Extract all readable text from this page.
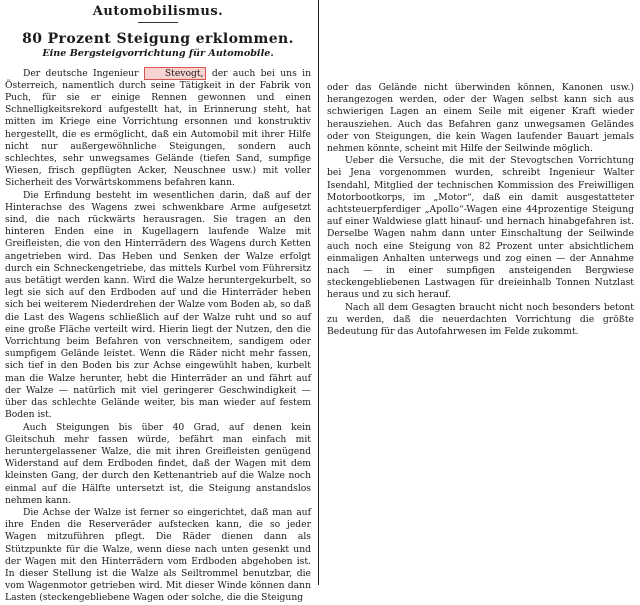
Automobilismus.
80 Prozent Steigung erklommen.
Eine Bergsteigvorrichtung für Automobile.

Der deutsche Ingenieur	Stevogt, der auch bei uns in Österreich, namentlich durch seine Tätigkeit in der Fabrik von Puch, für sie er einige Rennen gewonnen und einen Schnelligkeitsrekord aufgestellt hat, in Erinnerung steht, hat mitten im Kriege eine Vorrichtung ersonnen und konstruktiv hergestellt, die es ermöglicht, daß ein Automobil mit ihrer Hilfe nicht nur außergewöhnliche Steigungen, sondern auch schlechtes, sehr unwegsames Gelände (tiefen Sand, sumpfige Wiesen, frisch gepflügten Acker, Neuschnee usw.) mit voller Sicherheit des Vorwärtskommens befahren kann.

Die Erfindung besteht im wesentlichen darin, daß auf der Hinterachse des Wagens zwei schwenkbare Arme aufgesetzt sind, die nach rückwärts herausragen. Sie tragen an den hinteren Enden eine in Kugellagern laufende Walze mit Greifleisten, die von den Hinterrädern des Wagens durch Ketten angetrieben wird. Das Heben und Senken der Walze erfolgt durch ein Schneckengetriebe, das mittels Kurbel vom Führersitz aus betätigt werden kann. Wird die Walze heruntergekurbelt, so legt sie sich auf den Erdboden auf und die Hinterräder heben sich bei weiterem Niederdrehen der Walze vom Boden ab, so daß die Last des Wagens schließlich auf der Walze ruht und so auf eine große Fläche verteilt wird. Hierin liegt der Nutzen, den die Vorrichtung beim Befahren von verschneitem, sandigem oder sumpfigem Gelände leistet. Wenn die Räder nicht mehr fassen, sich tief in den Boden bis zur Achse eingewühlt haben, kurbelt man die Walze herunter, hebt die Hinterräder an und fährt auf der Walze — natürlich mit viel geringerer Geschwindigkeit — über das schlechte Gelände weiter, bis man wieder auf festem Boden ist.

Auch Steigungen bis über 40 Grad, auf denen kein Gleitschuh mehr fassen würde, befährt man einfach mit heruntergelassener Walze, die mit ihren Greifleisten genügend Widerstand auf dem Erdboden findet, daß der Wagen mit dem kleinsten Gang, der durch den Kettenantrieb auf die Walze noch einmal auf die Hälfte untersetzt ist, die Steigung anstandslos nehmen kann.

Die Achse der Walze ist ferner so eingerichtet, daß man auf ihre Enden die Reserveräder aufstecken kann, die so jeder Wagen mitzuführen pflegt. Die Räder dienen dann als Stützpunkte für die Walze, wenn diese nach unten gesenkt und der Wagen mit den Hinterrädern vom Erdboden abgehoben ist. In dieser Stellung ist die Walze als Seiltrommel benutzbar, die vom Wagenmotor getrieben wird. Mit dieser Winde können dann Lasten (steckengebliebene Wagen oder solche, die die Steigung

oder das Gelände nicht überwinden können, Kanonen usw.) herangezogen werden, oder der Wagen selbst kann sich aus schwierigen Lagen an einem Seile mit eigener Kraft wieder herausziehen. Auch das Befahren ganz unwegsamen Geländes oder von Steigungen, die kein Wagen laufender Bauart jemals nehmen könnte, scheint mit Hilfe der Seilwinde möglich.

Ueber die Versuche, die mit der Stevogtschen Vorrichtung bei Jena vorgenommen wurden, schreibt Ingenieur Walter Isendahl, Mitglied der technischen Kommission des Freiwilligen Motorbootkorps, im „Motor“, daß ein damit ausgestatteter achtsteuerpferdiger „Apollo“-Wagen eine 44prozentige Steigung auf einer Waldwiese glatt hinauf- und hernach hinabgefahren ist. Derselbe Wagen nahm dann unter Einschaltung der Seilwinde auch noch eine Steigung von 82 Prozent unter absichtlichem einmaligen Anhalten unterwegs und zog einen — der Annahme nach — in einer sumpfigen ansteigenden Bergwiese steckengebliebenen Lastwagen für dreieinhalb Tonnen Nutzlast heraus und zu sich herauf.

Nach all dem Gesagten braucht nicht noch besonders betont zu werden, daß die neuerdachten Vorrichtung die größte Bedeutung für das Autofahrwesen im Felde zukommt.
